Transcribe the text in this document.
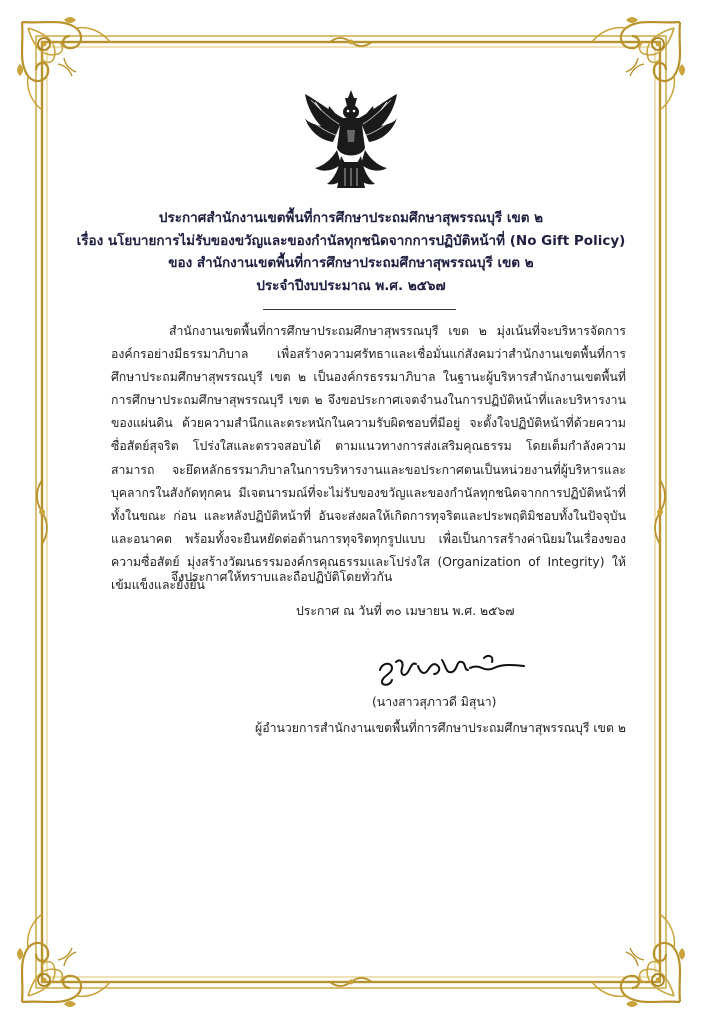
ประกาศสำนักงานเขตพื้นที่การศึกษาประถมศึกษาสุพรรณบุรี เขต ๒
เรื่อง นโยบายการไม่รับของขวัญและของกำนัลทุกชนิดจากการปฏิบัติหน้าที่ (No Gift Policy)
ของ สำนักงานเขตพื้นที่การศึกษาประถมศึกษาสุพรรณบุรี เขต ๒
ประจำปีงบประมาณ พ.ศ. ๒๕๖๗

สำนักงานเขตพื้นที่การศึกษาประถมศึกษาสุพรรณบุรี เขต ๒ มุ่งเน้นที่จะบริหารจัดการองค์กรอย่างมีธรรมาภิบาล เพื่อสร้างความศรัทธาและเชื่อมั่นแก่สังคมว่าสำนักงานเขตพื้นที่การศึกษาประถมศึกษาสุพรรณบุรี เขต ๒ เป็นองค์กรธรรมาภิบาล ในฐานะผู้บริหารสำนักงานเขตพื้นที่การศึกษาประถมศึกษาสุพรรณบุรี เขต ๒ จึงขอประกาศเจตจำนงในการปฏิบัติหน้าที่และบริหารงานของแผ่นดิน ด้วยความสำนึกและตระหนักในความรับผิดชอบที่มีอยู่ จะตั้งใจปฏิบัติหน้าที่ด้วยความซื่อสัตย์สุจริต โปร่งใสและตรวจสอบได้ ตามแนวทางการส่งเสริมคุณธรรม โดยเต็มกำลังความสามารถ จะยึดหลักธรรมาภิบาลในการบริหารงานและขอประกาศตนเป็นหน่วยงานที่ผู้บริหารและบุคลากรในสังกัดทุกคน มีเจตนารมณ์ที่จะไม่รับของขวัญและของกำนัลทุกชนิดจากการปฏิบัติหน้าที่ ทั้งในขณะ ก่อน และหลังปฏิบัติหน้าที่ อันจะส่งผลให้เกิดการทุจริตและประพฤติมิชอบทั้งในปัจจุบันและอนาคต พร้อมทั้งจะยืนหยัดต่อต้านการทุจริตทุกรูปแบบ เพื่อเป็นการสร้างค่านิยมในเรื่องของความซื่อสัตย์ มุ่งสร้างวัฒนธรรมองค์กรคุณธรรมและโปร่งใส (Organization of Integrity) ให้เข้มแข็งและยั่งยืน

จึงประกาศให้ทราบและถือปฏิบัติโดยทั่วกัน
ประกาศ ณ วันที่ ๓๐ เมษายน พ.ศ. ๒๕๖๗
(นางสาวสุภาวดี มิสุนา)
ผู้อำนวยการสำนักงานเขตพื้นที่การศึกษาประถมศึกษาสุพรรณบุรี เขต ๒
